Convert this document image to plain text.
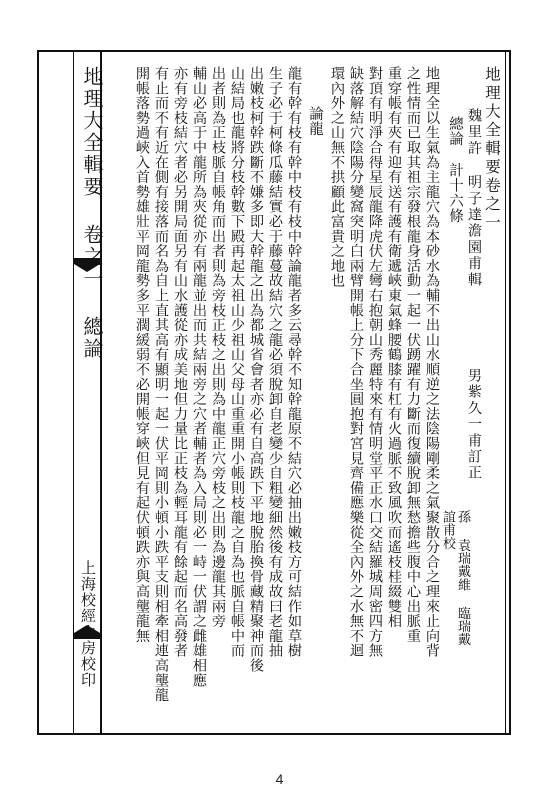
地理大全輯要 卷之一 總論
上海校經山房校印
地理大全輯要卷之一
魏里許 明子達澹園甫輯
男紫久一甫訂正
孫 袁瑞戴維 臨瑞戴誼甫校
總論 計十六條
地理全以生氣為主龍穴為本砂水為輔不出山水順逆之法陰陽剛柔之氣聚散分合之理來止向背
之性情而已取其祖宗發根龍身活動一起一伏踴躍有力斷而復續脫卸無愁擔些腹中心出脈重
重穿帳有夾有迎有送有護有衛遞峽東氣蜂腰鶴膝有杠有火過脈不致風吹而遙枝桂綴雙相
對頂有明淨合得星辰龍降虎伏左彎右抱朝山秀麗特來有情明堂平正水口交結羅城周密四方無
缺落解結穴陰陽分變窩突明白兩臂開帳上分下合坐圓抱對宮見齊備應樂從全內外之水無不迴
環內外之山無不拱顧此富貴之地也
論龍
龍有幹有枝有幹中枝有枝中幹論龍者多云尋幹不知幹龍原不結穴必抽出嫩枝方可結作如草樹
生子必于柯條瓜藤結實必于藤蔓故結穴之龍必須脫卸自老變少自粗變細然後有成故曰老龍抽
出嫩枝柯幹跌斷不嫌多即大幹龍之出為都城省會者亦必有自高跌下平地脫胎換骨藏精聚神而後
山結局也龍將分枝幹數下殿再起太祖山少祖山父母山重重開小帳則枝龍之自為也脈自帳中而
出者則為正枝脈自帳角而出者則為旁枝正枝之出則為中龍正穴旁枝之出則為邊龍其兩旁
輔山必高于中龍所為夾從亦有兩龍並出而共結兩旁之穴者輔者為入局則必一峙一伏謂之雌雄相應
亦有旁枝結穴者必另開局面另有山水護從亦成美地但力量比正枝為輕耳龍有餘起而名高發者
有止而不有近在側有接落而名為自上直其高有顯明一起一伏平岡則小頓小跌平支則相牽相連高壟龍
開帳落勢過峽入首勢雄壯平岡龍勢多平濶緩弱不必開帳穿峽但見有起伏頓跌亦與高壟龍無
4
